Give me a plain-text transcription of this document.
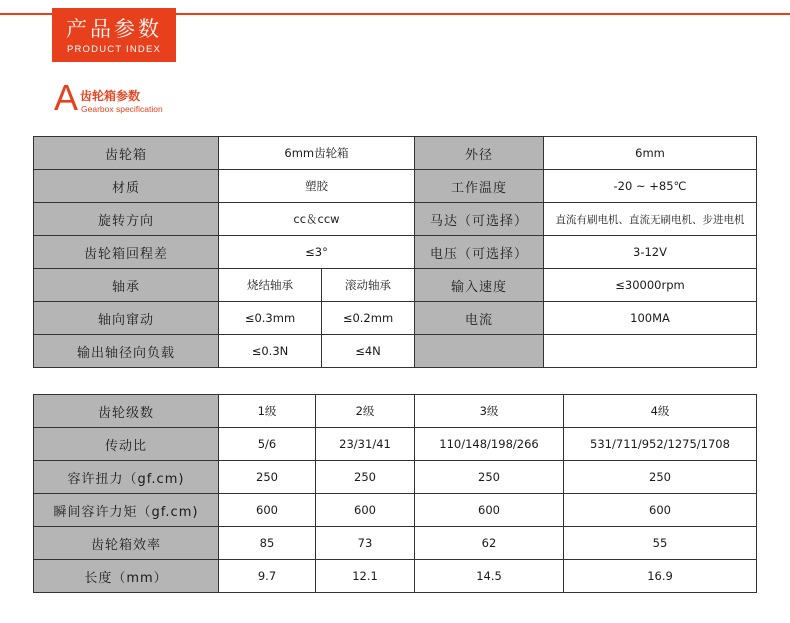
产品参数
PRODUCT INDEX
A 齿轮箱参数
Gearbox specification
齿轮箱	6mm齿轮箱		外径	6mm
材质	塑胶		工作温度	-20 ~ +85℃
旋转方向	cc＆ccw		马达（可选择）	直流有刷电机、直流无刷电机、步进电机
齿轮箱回程差	≤3°		电压（可选择）	3-12V
轴承	烧结轴承	滚动轴承	输入速度	≤30000rpm
轴向窜动	≤0.3mm	≤0.2mm	电流	100MA
输出轴径向负载	≤0.3N	≤4N		
齿轮级数	1级	2级	3级	4级
传动比	5/6	23/31/41	110/148/198/266	531/711/952/1275/1708
容许扭力（gf.cm)	250	250	250	250
瞬间容许力矩（gf.cm)	600	600	600	600
齿轮箱效率	85	73	62	55
长度（mm）	9.7	12.1	14.5	16.9
